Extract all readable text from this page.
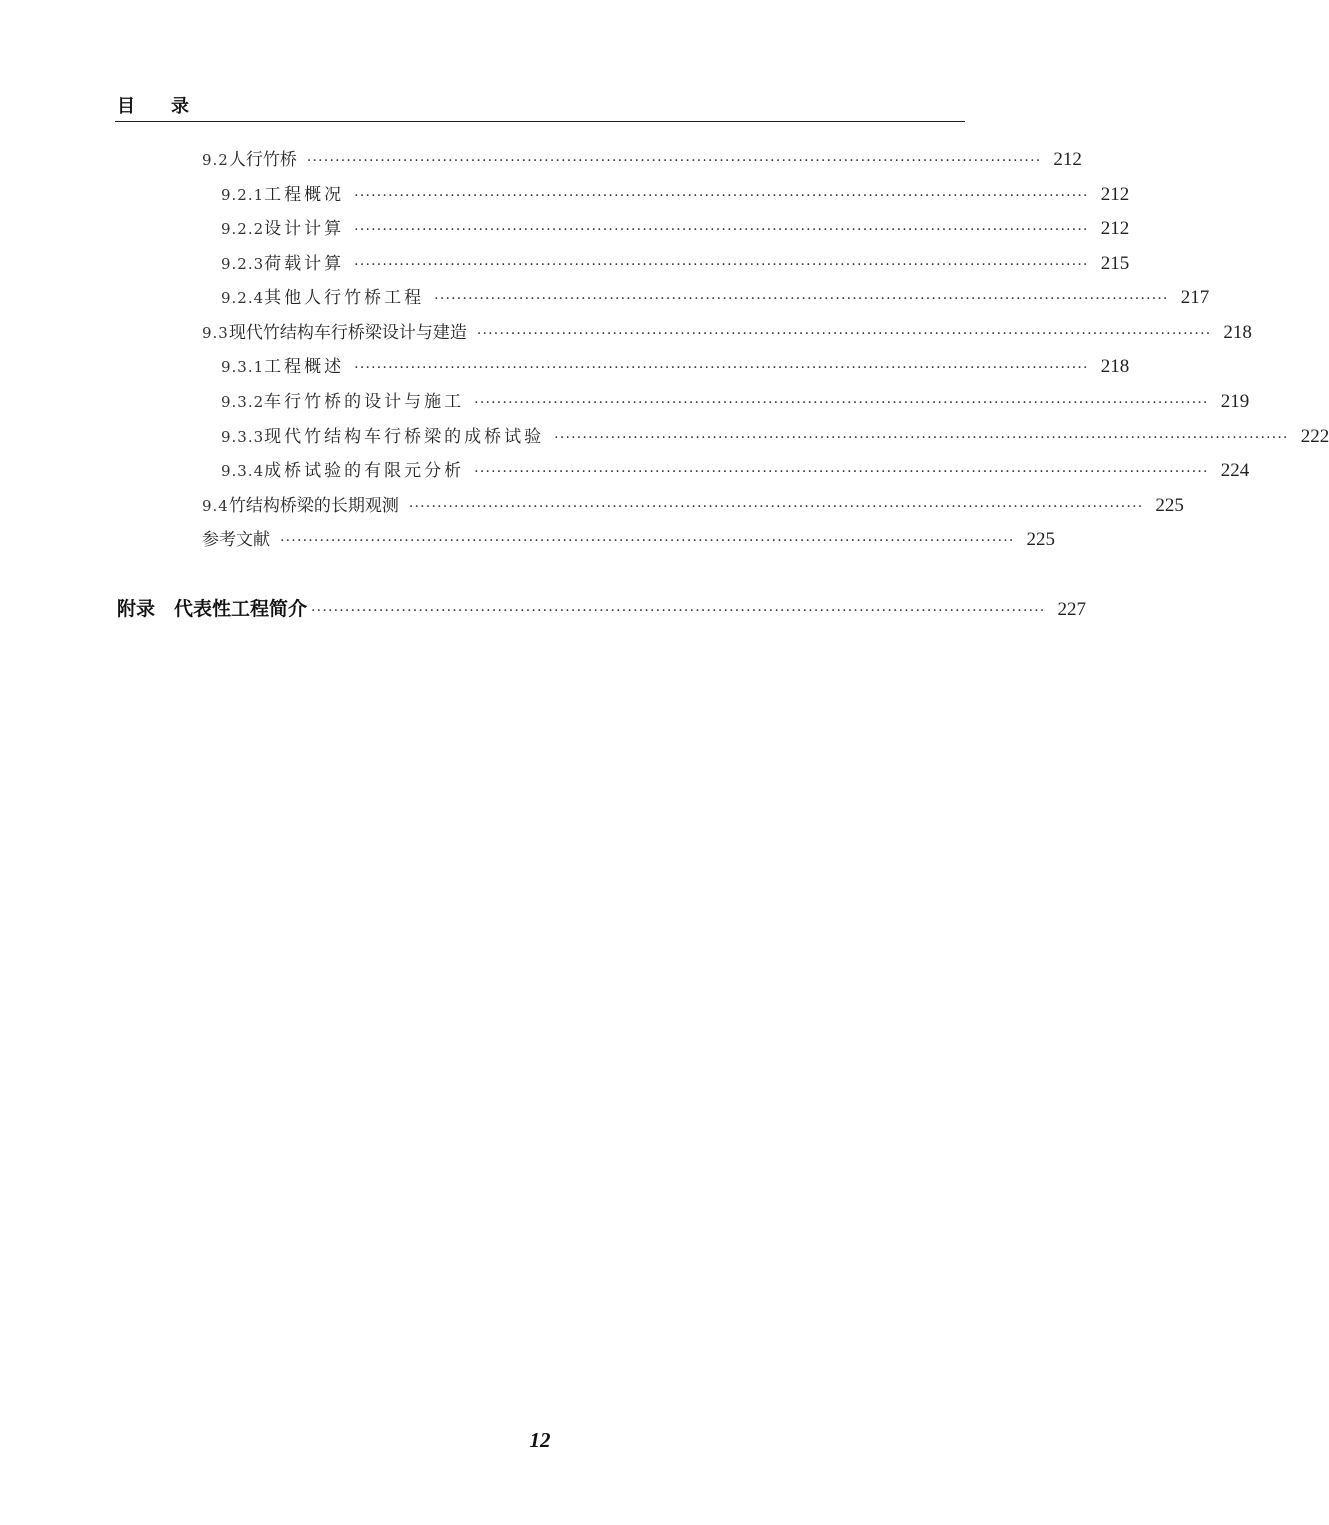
目录
9.2 人行竹桥 ·································································································································· 212
9.2.1 工程概况 ·································································································································· 212
9.2.2 设计计算 ·································································································································· 212
9.2.3 荷载计算 ·································································································································· 215
9.2.4 其他人行竹桥工程 ·································································································································· 217
9.3 现代竹结构车行桥梁设计与建造 ·································································································································· 218
9.3.1 工程概述 ·································································································································· 218
9.3.2 车行竹桥的设计与施工 ·································································································································· 219
9.3.3 现代竹结构车行桥梁的成桥试验 ·································································································································· 222
9.3.4 成桥试验的有限元分析 ·································································································································· 224
9.4 竹结构桥梁的长期观测 ·································································································································· 225
参考文献 ·································································································································· 225
附录　代表性工程简介 ·································································································································· 227
12
